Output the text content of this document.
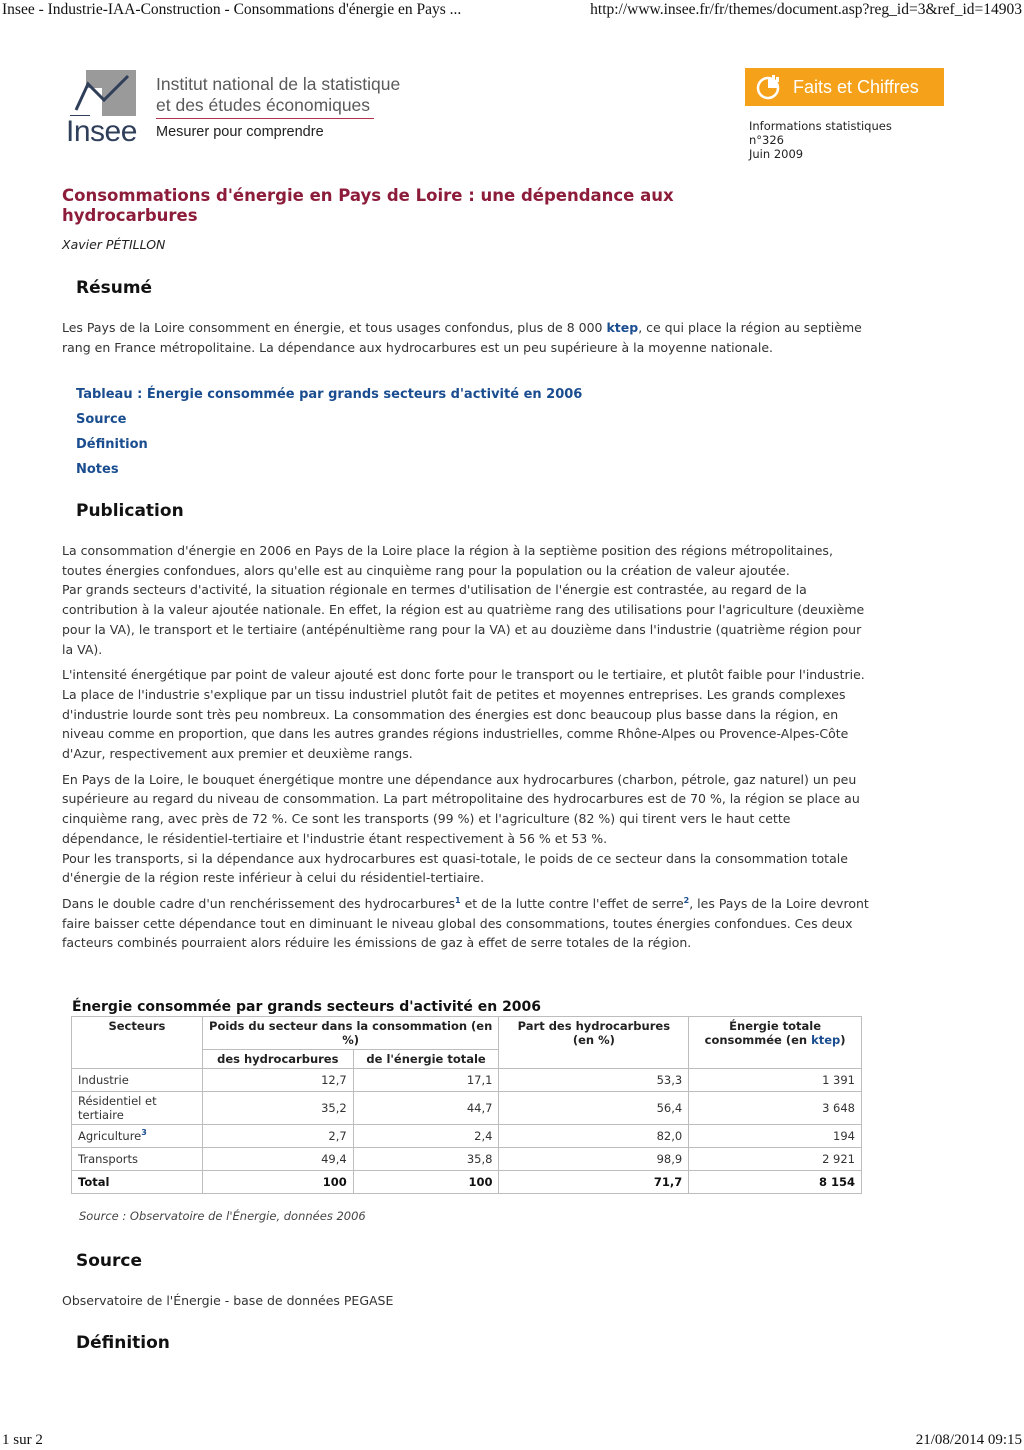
Insee - Industrie-IAA-Construction - Consommations d'énergie en Pays ...	http://www.insee.fr/fr/themes/document.asp?reg_id=3&ref_id=14903
Insee
Institut national de la statistique
et des études économiques
Mesurer pour comprendre
Faits et Chiffres
Informations statistiques
n°326
Juin 2009
Consommations d'énergie en Pays de Loire : une dépendance aux hydrocarbures
Xavier PÉTILLON
Résumé

Les Pays de la Loire consomment en énergie, et tous usages confondus, plus de 8 000 ktep, ce qui place la région au septième rang en France métropolitaine. La dépendance aux hydrocarbures est un peu supérieure à la moyenne nationale.

Tableau : Énergie consommée par grands secteurs d'activité en 2006
Source
Définition
Notes
Publication

La consommation d'énergie en 2006 en Pays de la Loire place la région à la septième position des régions métropolitaines, toutes énergies confondues, alors qu'elle est au cinquième rang pour la population ou la création de valeur ajoutée.

Par grands secteurs d'activité, la situation régionale en termes d'utilisation de l'énergie est contrastée, au regard de la contribution à la valeur ajoutée nationale. En effet, la région est au quatrième rang des utilisations pour l'agriculture (deuxième pour la VA), le transport et le tertiaire (antépénultième rang pour la VA) et au douzième dans l'industrie (quatrième région pour la VA).

L'intensité énergétique par point de valeur ajouté est donc forte pour le transport ou le tertiaire, et plutôt faible pour l'industrie. La place de l'industrie s'explique par un tissu industriel plutôt fait de petites et moyennes entreprises. Les grands complexes d'industrie lourde sont très peu nombreux. La consommation des énergies est donc beaucoup plus basse dans la région, en niveau comme en proportion, que dans les autres grandes régions industrielles, comme Rhône-Alpes ou Provence-Alpes-Côte d'Azur, respectivement aux premier et deuxième rangs.

En Pays de la Loire, le bouquet énergétique montre une dépendance aux hydrocarbures (charbon, pétrole, gaz naturel) un peu supérieure au regard du niveau de consommation. La part métropolitaine des hydrocarbures est de 70 %, la région se place au cinquième rang, avec près de 72 %. Ce sont les transports (99 %) et l'agriculture (82 %) qui tirent vers le haut cette dépendance, le résidentiel-tertiaire et l'industrie étant respectivement à 56 % et 53 %.

Pour les transports, si la dépendance aux hydrocarbures est quasi-totale, le poids de ce secteur dans la consommation totale d'énergie de la région reste inférieur à celui du résidentiel-tertiaire.

Dans le double cadre d'un renchérissement des hydrocarbures$^1$ et de la lutte contre l'effet de serre$^2$, les Pays de la Loire devront faire baisser cette dépendance tout en diminuant le niveau global des consommations, toutes énergies confondues. Ces deux facteurs combinés pourraient alors réduire les émissions de gaz à effet de serre totales de la région.

Énergie consommée par grands secteurs d'activité en 2006
Secteurs	Poids du secteur dans la consommation (en %)		Part des hydrocarbures (en %)	Énergie totale consommée (en ktep)
	des hydrocarbures	de l'énergie totale		
Industrie	12,7	17,1	53,3	1 391
Résidentiel et tertiaire	35,2	44,7	56,4	3 648
Agriculture$^3$	2,7	2,4	82,0	194
Transports	49,4	35,8	98,9	2 921
Total	100	100	71,7	8 154
Source : Observatoire de l'Énergie, données 2006
Source
Observatoire de l'Énergie - base de données PEGASE
Définition
1 sur 2	21/08/2014 09:15
